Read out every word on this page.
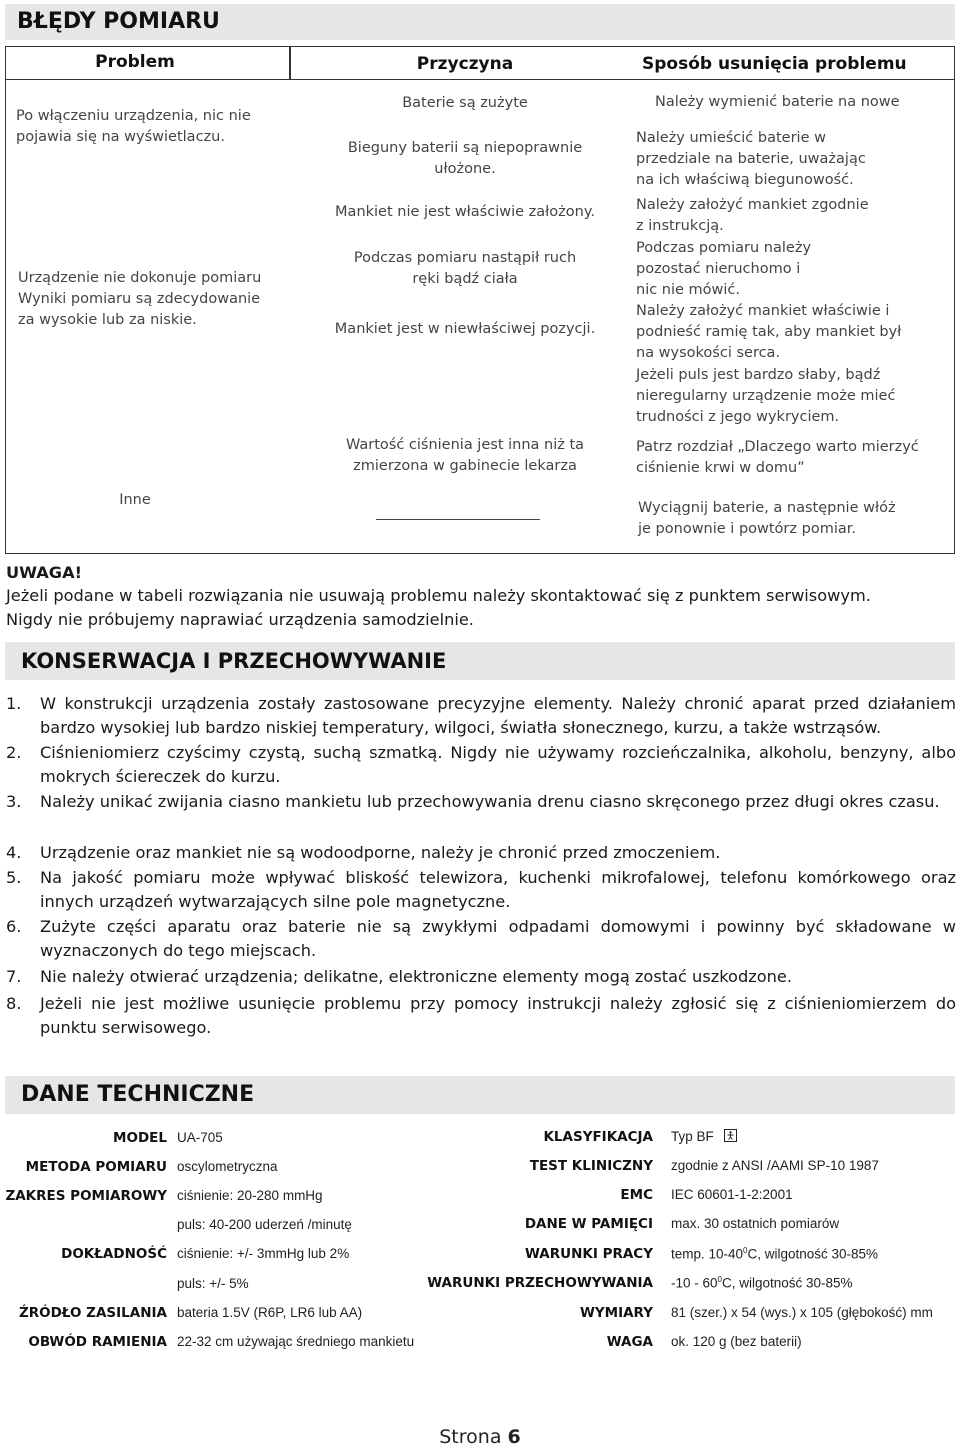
BŁĘDY POMIARU
Problem	Przyczyna	Sposób usunięcia problemu
Po włączeniu urządzenia, nic nie
pojawia się na wyświetlaczu.
Urządzenie nie dokonuje pomiaru
Wyniki pomiaru są zdecydowanie
za wysokie lub za niskie.
Inne
Baterie są zużyte
Bieguny baterii są niepoprawnie
ułożone.
Mankiet nie jest właściwie założony.
Podczas pomiaru nastąpił ruch
ręki bądź ciała
Mankiet jest w niewłaściwej pozycji.
Wartość ciśnienia jest inna niż ta
zmierzona w gabinecie lekarza
Należy wymienić baterie na nowe
Należy umieścić baterie w
przedziale na baterie, uważając
na ich właściwą biegunowość.
Należy założyć mankiet zgodnie
z instrukcją.
Podczas pomiaru należy
pozostać nieruchomo i
nic nie mówić.
Należy założyć mankiet właściwie i
podnieść ramię tak, aby mankiet był
na wysokości serca.
Jeżeli puls jest bardzo słaby, bądź
nieregularny urządzenie może mieć
trudności z jego wykryciem.
Patrz rozdział „Dlaczego warto mierzyć
ciśnienie krwi w domu”
Wyciągnij baterie, a następnie włóż
je ponownie i powtórz pomiar.
UWAGA!
Jeżeli podane w tabeli rozwiązania nie usuwają problemu należy skontaktować się z punktem serwisowym.
Nigdy nie próbujemy naprawiać urządzenia samodzielnie.
KONSERWACJA I PRZECHOWYWANIE
1. W konstrukcji urządzenia zostały zastosowane precyzyjne elementy. Należy chronić aparat przed działaniem bardzo wysokiej lub bardzo niskiej temperatury, wilgoci, światła słonecznego, kurzu, a także wstrząsów.
2. Ciśnieniomierz czyścimy czystą, suchą szmatką. Nigdy nie używamy rozcieńczalnika, alkoholu, benzyny, albo mokrych ściereczek do kurzu.
3. Należy unikać zwijania ciasno mankietu lub przechowywania drenu ciasno skręconego przez długi okres czasu.
4. Urządzenie oraz mankiet nie są wodoodporne, należy je chronić przed zmoczeniem.
5. Na jakość pomiaru może wpływać bliskość telewizora, kuchenki mikrofalowej, telefonu komórkowego oraz innych urządzeń wytwarzających silne pole magnetyczne.
6. Zużyte części aparatu oraz baterie nie są zwykłymi odpadami domowymi i powinny być składowane w wyznaczonych do tego miejscach.
7. Nie należy otwierać urządzenia; delikatne, elektroniczne elementy mogą zostać uszkodzone.
8. Jeżeli nie jest możliwe usunięcie problemu przy pomocy instrukcji należy zgłosić się z ciśnieniomierzem do punktu serwisowego.
DANE TECHNICZNE
MODEL UA-705
METODA POMIARU oscylometryczna
ZAKRES POMIAROWY ciśnienie: 20-280 mmHg
puls: 40-200 uderzeń /minutę
DOKŁADNOŚĆ ciśnienie: +/- 3mmHg lub 2%
puls: +/- 5%
ŹRÓDŁO ZASILANIA bateria 1.5V (R6P, LR6 lub AA)
OBWÓD RAMIENIA 22-32 cm używając średniego mankietu
KLASYFIKACJA Typ BF
TEST KLINICZNY zgodnie z ANSI /AAMI SP-10 1987
EMC IEC 60601-1-2:2001
DANE W PAMIĘCI max. 30 ostatnich pomiarów
WARUNKI PRACY temp. $10-40^0C$, wilgotność 30-85%
WARUNKI PRZECHOWYWANIA $-10 - 60^0C$, wilgotność 30-85%
WYMIARY 81 (szer.) x 54 (wys.) x 105 (głębokość) mm
WAGA ok. 120 g (bez baterii)
Strona 6
